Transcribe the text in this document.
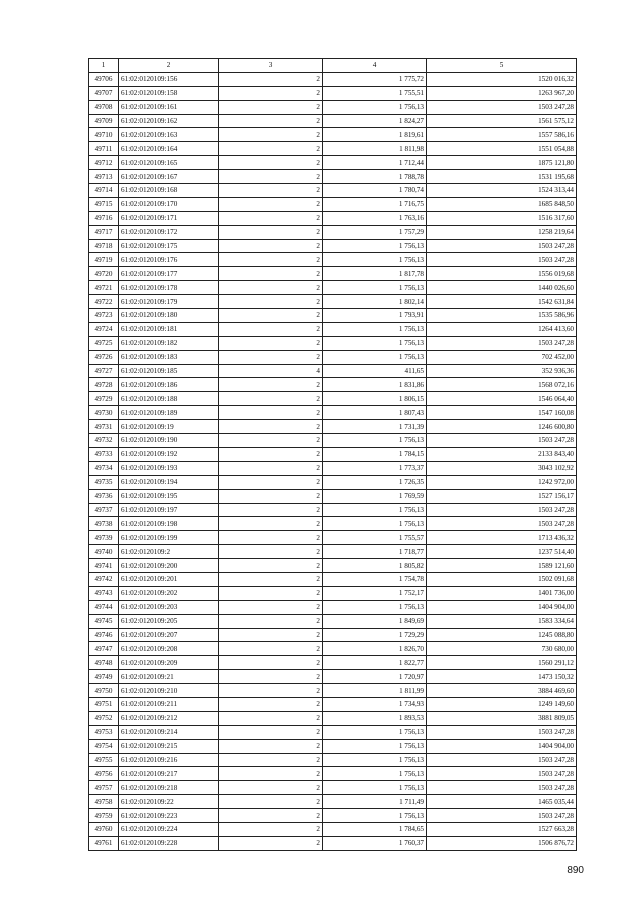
1	2	3	4	5
49706	61:02:0120109:156	2	1 775,72	1520 016,32
49707	61:02:0120109:158	2	1 755,51	1263 967,20
49708	61:02:0120109:161	2	1 756,13	1503 247,28
49709	61:02:0120109:162	2	1 824,27	1561 575,12
49710	61:02:0120109:163	2	1 819,61	1557 586,16
49711	61:02:0120109:164	2	1 811,98	1551 054,88
49712	61:02:0120109:165	2	1 712,44	1875 121,80
49713	61:02:0120109:167	2	1 788,78	1531 195,68
49714	61:02:0120109:168	2	1 780,74	1524 313,44
49715	61:02:0120109:170	2	1 716,75	1685 848,50
49716	61:02:0120109:171	2	1 763,16	1516 317,60
49717	61:02:0120109:172	2	1 757,29	1258 219,64
49718	61:02:0120109:175	2	1 756,13	1503 247,28
49719	61:02:0120109:176	2	1 756,13	1503 247,28
49720	61:02:0120109:177	2	1 817,78	1556 019,68
49721	61:02:0120109:178	2	1 756,13	1440 026,60
49722	61:02:0120109:179	2	1 802,14	1542 631,84
49723	61:02:0120109:180	2	1 793,91	1535 586,96
49724	61:02:0120109:181	2	1 756,13	1264 413,60
49725	61:02:0120109:182	2	1 756,13	1503 247,28
49726	61:02:0120109:183	2	1 756,13	702 452,00
49727	61:02:0120109:185	4	411,65	352 936,36
49728	61:02:0120109:186	2	1 831,86	1568 072,16
49729	61:02:0120109:188	2	1 806,15	1546 064,40
49730	61:02:0120109:189	2	1 807,43	1547 160,08
49731	61:02:0120109:19	2	1 731,39	1246 600,80
49732	61:02:0120109:190	2	1 756,13	1503 247,28
49733	61:02:0120109:192	2	1 784,15	2133 843,40
49734	61:02:0120109:193	2	1 773,37	3043 102,92
49735	61:02:0120109:194	2	1 726,35	1242 972,00
49736	61:02:0120109:195	2	1 769,59	1527 156,17
49737	61:02:0120109:197	2	1 756,13	1503 247,28
49738	61:02:0120109:198	2	1 756,13	1503 247,28
49739	61:02:0120109:199	2	1 755,57	1713 436,32
49740	61:02:0120109:2	2	1 718,77	1237 514,40
49741	61:02:0120109:200	2	1 805,82	1589 121,60
49742	61:02:0120109:201	2	1 754,78	1502 091,68
49743	61:02:0120109:202	2	1 752,17	1401 736,00
49744	61:02:0120109:203	2	1 756,13	1404 904,00
49745	61:02:0120109:205	2	1 849,69	1583 334,64
49746	61:02:0120109:207	2	1 729,29	1245 088,80
49747	61:02:0120109:208	2	1 826,70	730 680,00
49748	61:02:0120109:209	2	1 822,77	1560 291,12
49749	61:02:0120109:21	2	1 720,97	1473 150,32
49750	61:02:0120109:210	2	1 811,99	3884 469,60
49751	61:02:0120109:211	2	1 734,93	1249 149,60
49752	61:02:0120109:212	2	1 893,53	3881 809,05
49753	61:02:0120109:214	2	1 756,13	1503 247,28
49754	61:02:0120109:215	2	1 756,13	1404 904,00
49755	61:02:0120109:216	2	1 756,13	1503 247,28
49756	61:02:0120109:217	2	1 756,13	1503 247,28
49757	61:02:0120109:218	2	1 756,13	1503 247,28
49758	61:02:0120109:22	2	1 711,49	1465 035,44
49759	61:02:0120109:223	2	1 756,13	1503 247,28
49760	61:02:0120109:224	2	1 784,65	1527 663,28
49761	61:02:0120109:228	2	1 760,37	1506 876,72
890
